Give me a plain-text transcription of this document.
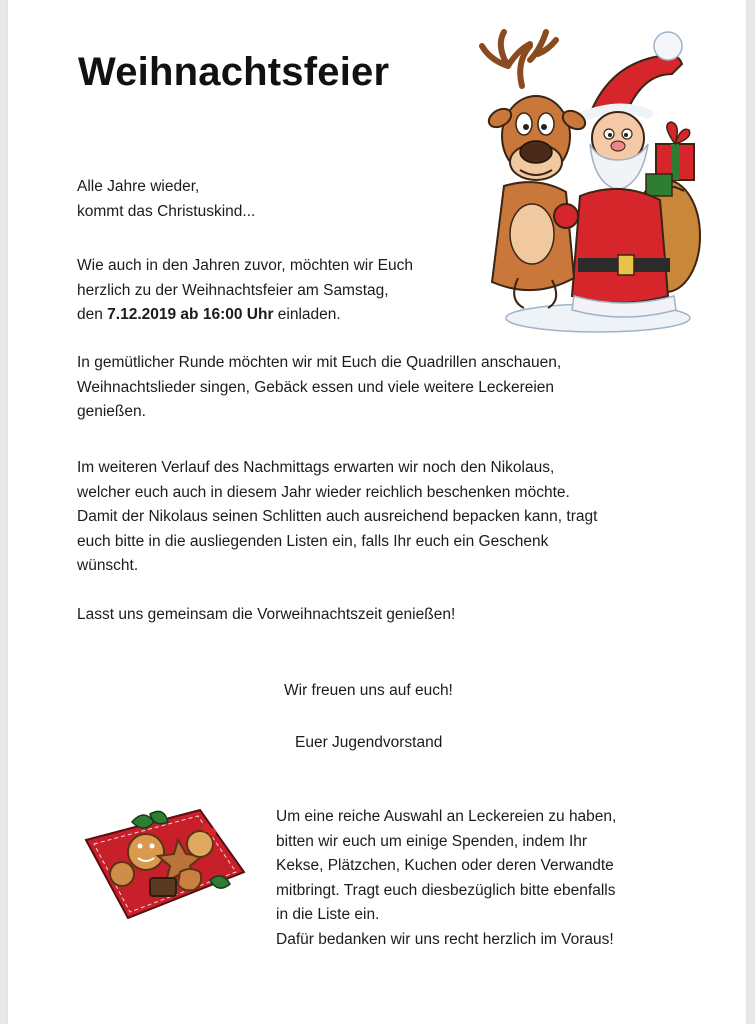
Weihnachtsfeier
Alle Jahre wieder,
kommt das Christuskind...
Wie auch in den Jahren zuvor, möchten wir Euch
herzlich zu der Weihnachtsfeier am Samstag,
den 7.12.2019 ab 16:00 Uhr einladen.
In gemütlicher Runde möchten wir mit Euch die Quadrillen anschauen,
Weihnachtslieder singen, Gebäck essen und viele weitere Leckereien
genießen.
Im weiteren Verlauf des Nachmittags erwarten wir noch den Nikolaus,
welcher euch auch in diesem Jahr wieder reichlich beschenken möchte.
Damit der Nikolaus seinen Schlitten auch ausreichend bepacken kann, tragt
euch bitte in die ausliegenden Listen ein, falls Ihr euch ein Geschenk
wünscht.
Lasst uns gemeinsam die Vorweihnachtszeit genießen!
Wir freuen uns auf euch!
Euer Jugendvorstand
Um eine reiche Auswahl an Leckereien zu haben,
bitten wir euch um einige Spenden, indem Ihr
Kekse, Plätzchen, Kuchen oder deren Verwandte
mitbringt. Tragt euch diesbezüglich bitte ebenfalls
in die Liste ein.
Dafür bedanken wir uns recht herzlich im Voraus!
